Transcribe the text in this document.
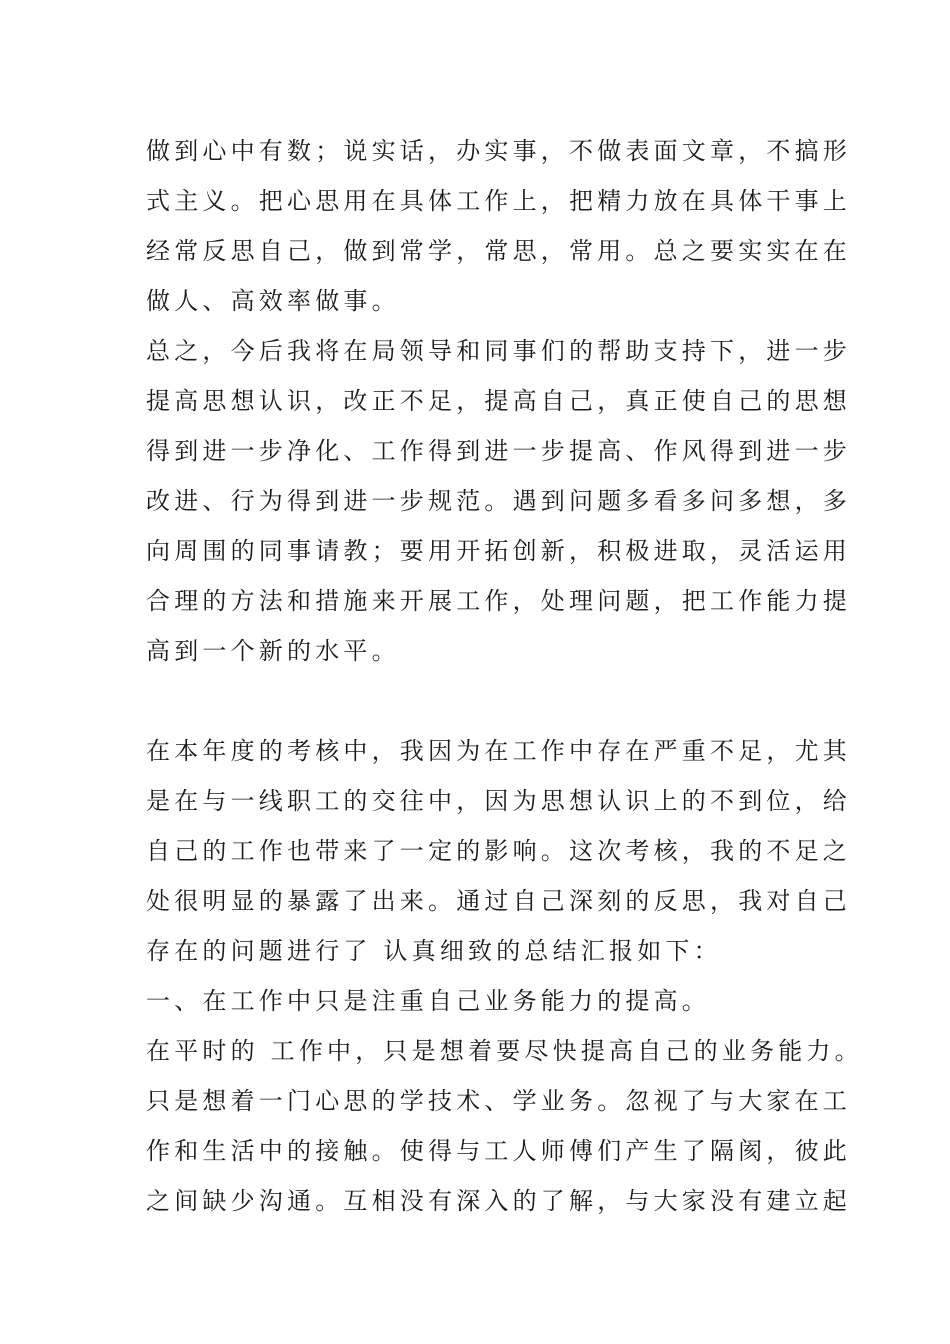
做到心中有数；说实话，办实事，不做表面文章，不搞形
式主义。把心思用在具体工作上，把精力放在具体干事上
经常反思自己，做到常学，常思，常用。总之要实实在在
做人、高效率做事。
总之，今后我将在局领导和同事们的帮助支持下，进一步
提高思想认识，改正不足，提高自己，真正使自己的思想
得到进一步净化、工作得到进一步提高、作风得到进一步
改进、行为得到进一步规范。遇到问题多看多问多想，多
向周围的同事请教；要用开拓创新，积极进取，灵活运用
合理的方法和措施来开展工作，处理问题，把工作能力提
高到一个新的水平。
在本年度的考核中，我因为在工作中存在严重不足，尤其
是在与一线职工的交往中，因为思想认识上的不到位，给
自己的工作也带来了一定的影响。这次考核，我的不足之
处很明显的暴露了出来。通过自己深刻的反思，我对自己
存在的问题进行了 认真细致的总结汇报如下：
一、在工作中只是注重自己业务能力的提高。
在平时的 工作中，只是想着要尽快提高自己的业务能力。
只是想着一门心思的学技术、学业务。忽视了与大家在工
作和生活中的接触。使得与工人师傅们产生了隔阂，彼此
之间缺少沟通。互相没有深入的了解，与大家没有建立起
